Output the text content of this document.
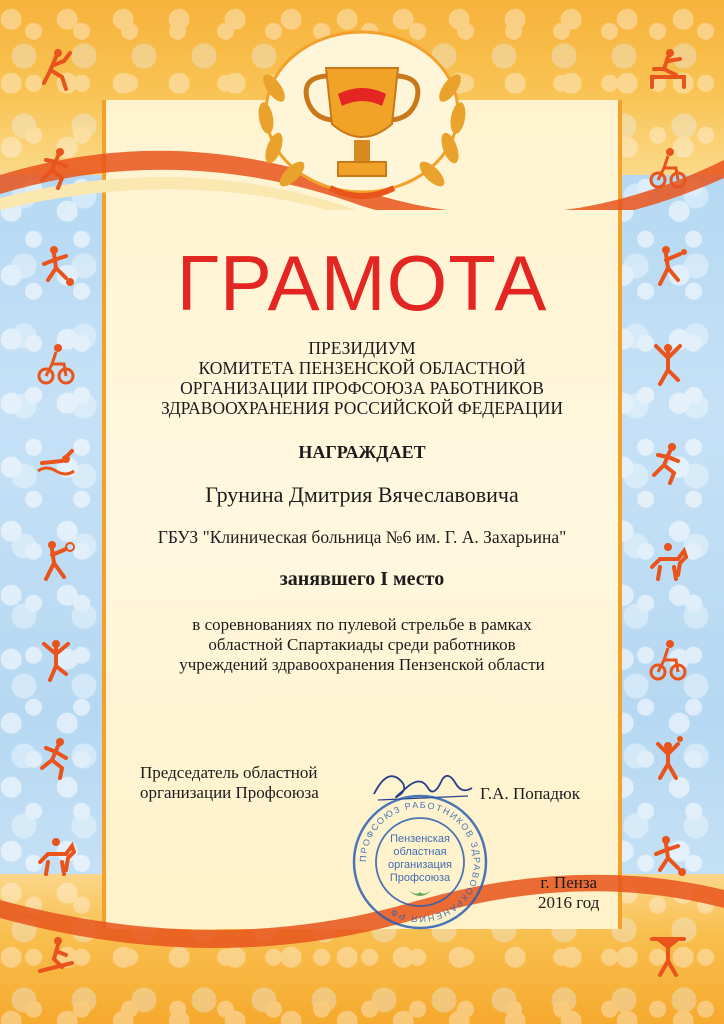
ГРАМОТА
ПРЕЗИДИУМ
КОМИТЕТА ПЕНЗЕНСКОЙ ОБЛАСТНОЙ
ОРГАНИЗАЦИИ ПРОФСОЮЗА РАБОТНИКОВ
ЗДРАВООХРАНЕНИЯ РОССИЙСКОЙ ФЕДЕРАЦИИ
НАГРАЖДАЕТ
Грунина Дмитрия Вячеславовича
ГБУЗ "Клиническая больница №6 им. Г. А. Захарьина"
занявшего I место
в соревнованиях по пулевой стрельбе в рамках
областной Спартакиады среди работников
учреждений здравоохранения Пензенской области
Председатель областной
организации Профсоюза	Г.А. Попадюк
ПРОФСОЮЗ РАБОТНИКОВ ЗДРАВООХРАНЕНИЯ РФ
Пензенская
областная
организация
Профсоюза	г. Пенза
2016 год
